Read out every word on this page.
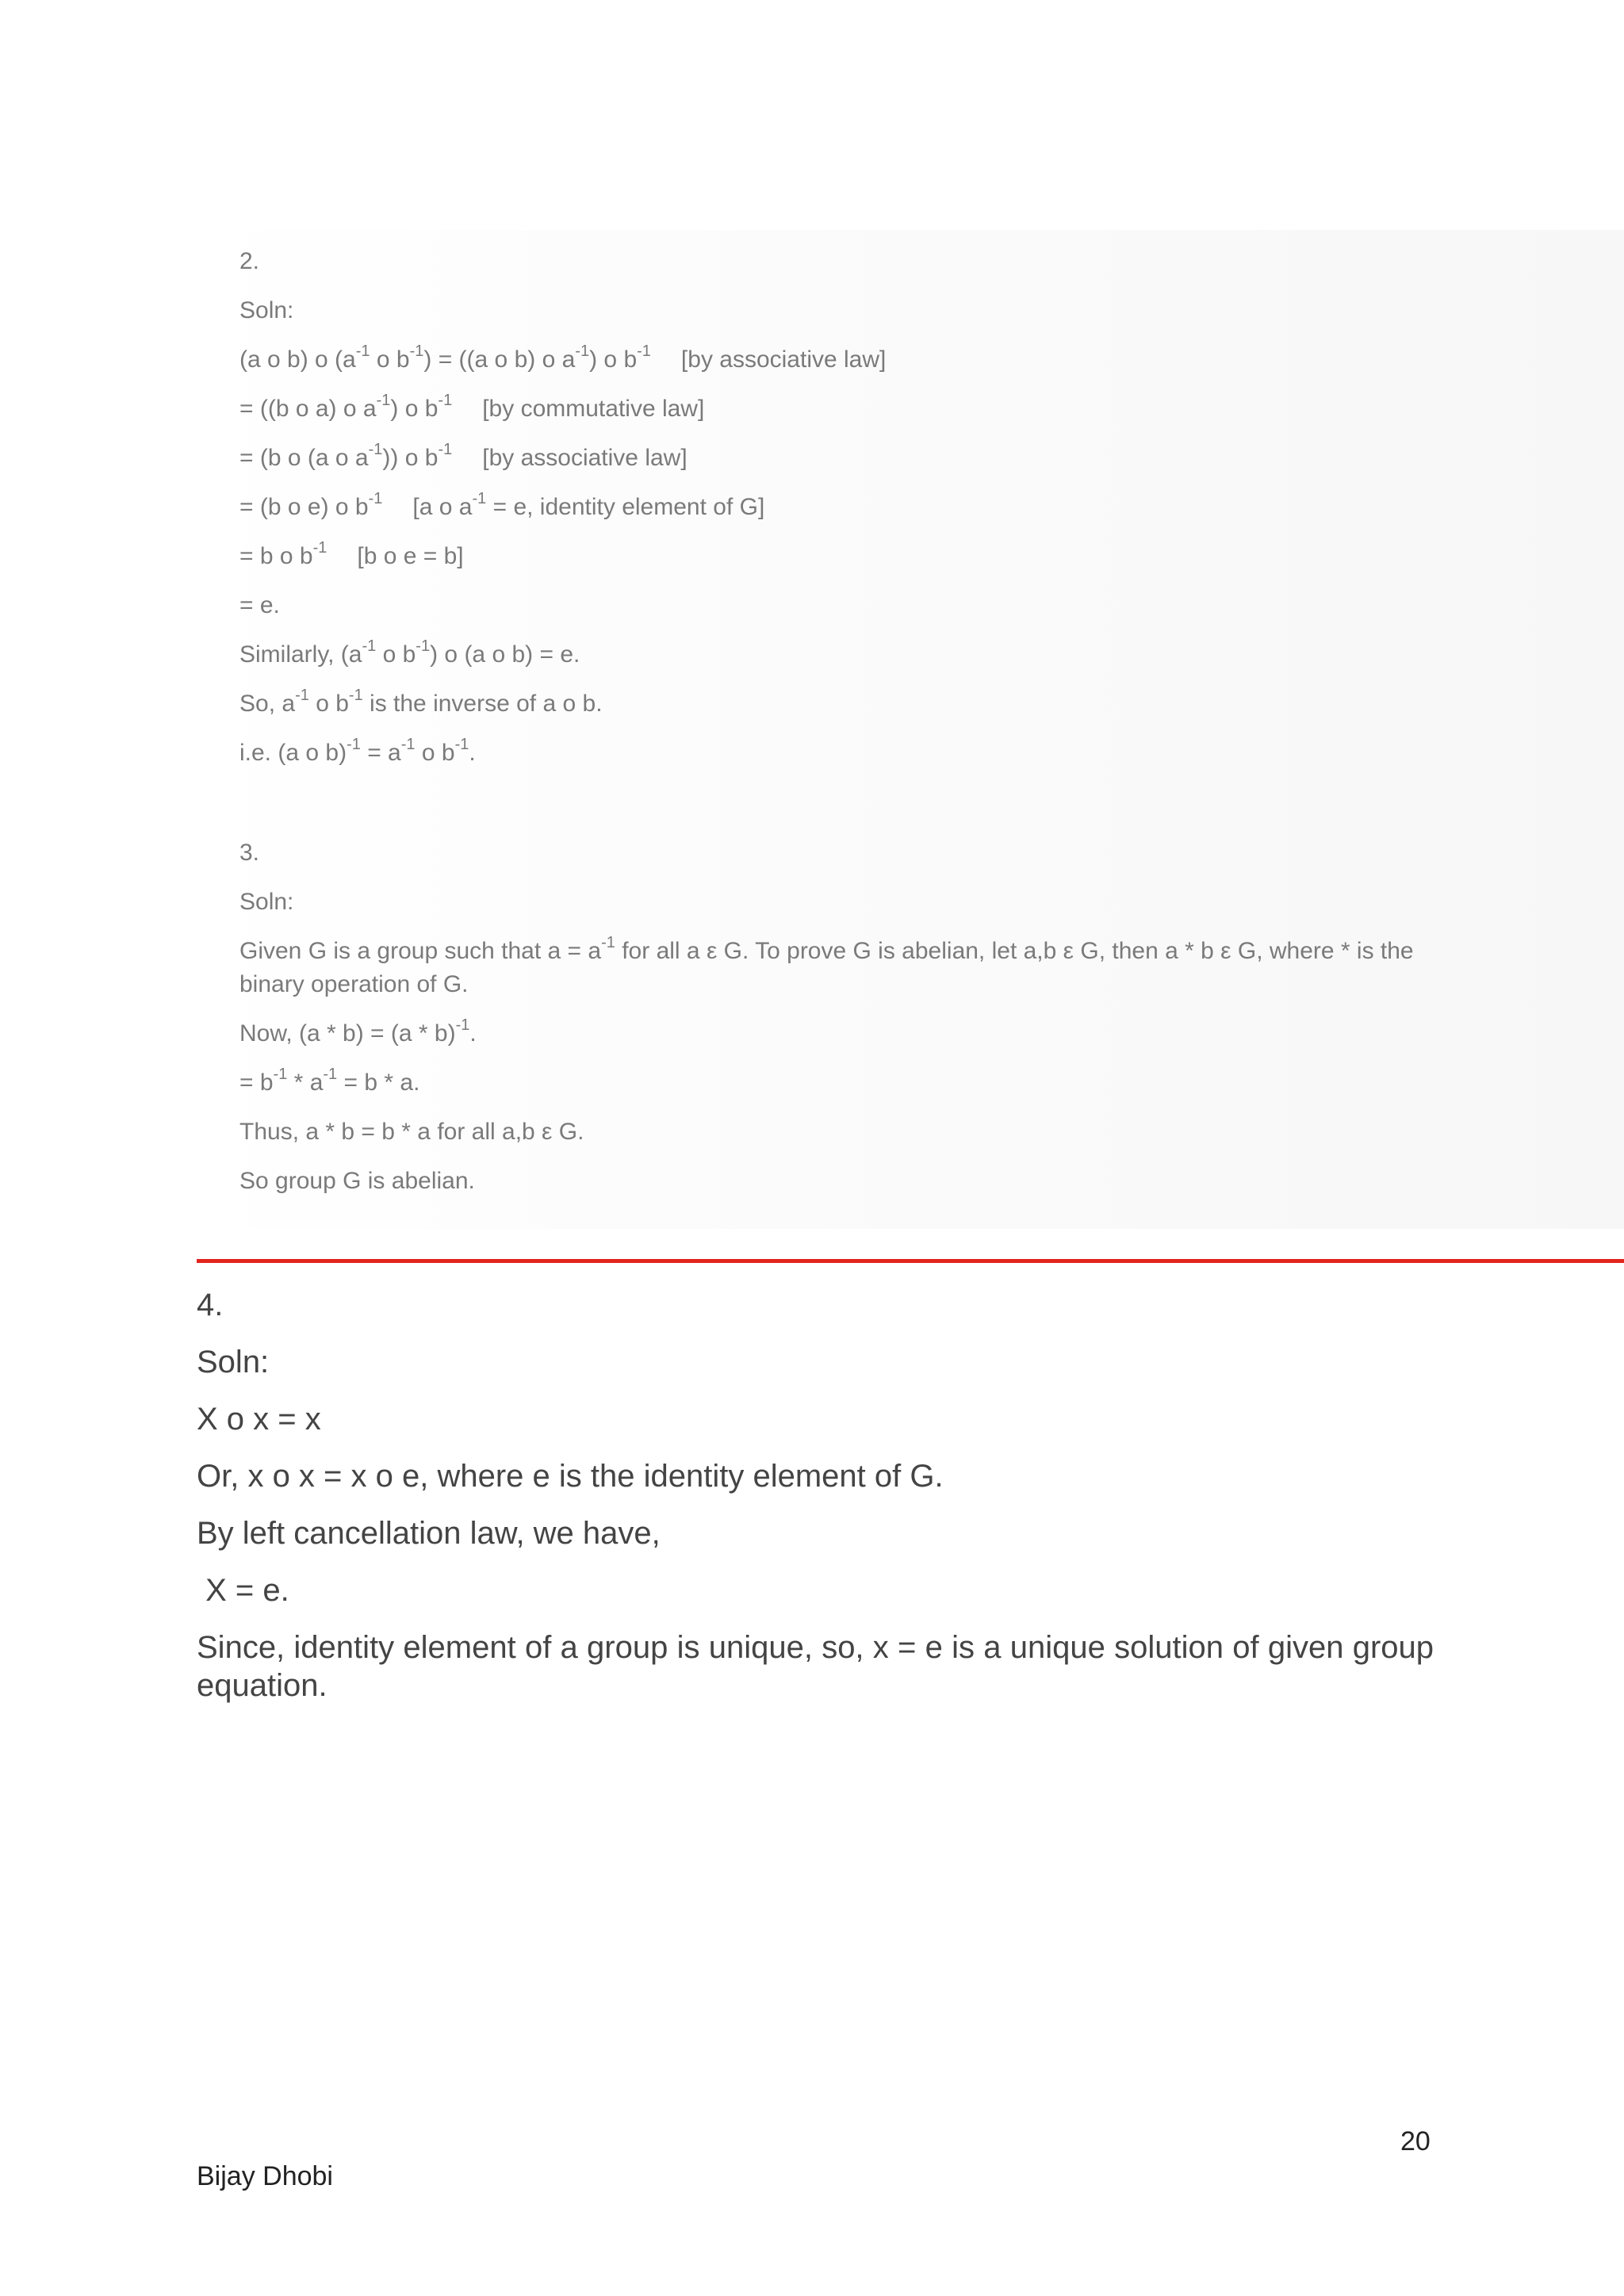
2.
Soln:
(a o b) o ($a^{-1}$ o $b^{-1}) = ((a$ o b) o $a^{-1}$) o $b^{-1}$ [by associative law]
= ((b o a) o $a^{-1}$) o $b^{-1}$ [by commutative law]
= (b o (a o $a^{-1}$)) o $b^{-1}$ [by associative law]
= (b o e) o $b^{-1}$ [a o $a^{-1} = e$, identity element of G]
= b o $b^{-1}$ [b o e = b]
= e.
Similarly, ($a^{-1}$ o $b^{-1}$) o (a o b) = e.
So, $a^{-1}$ o $b^{-1}$ is the inverse of a o b.
i.e. (a o $b)^{-1} = a^{-1}$ o $b^{-1}$.
3.
Soln:
Given G is a group such that $a = a^{-1}$ for all a ε G. To prove G is abelian, let a,b ε G, then a * b ε G, where * is the
binary operation of G.
Now, (a * b) = (a * b)$^{-1}$.
= $b^{-1} * a^{-1} = b * a$.
Thus, a * b = b * a for all a,b ε G.
So group G is abelian.
4.
Soln:
X o x = x
Or, x o x = x o e, where e is the identity element of G.
By left cancellation law, we have,
X = e.
Since, identity element of a group is unique, so, x = e is a unique solution of given group equation.
20
Bijay Dhobi
